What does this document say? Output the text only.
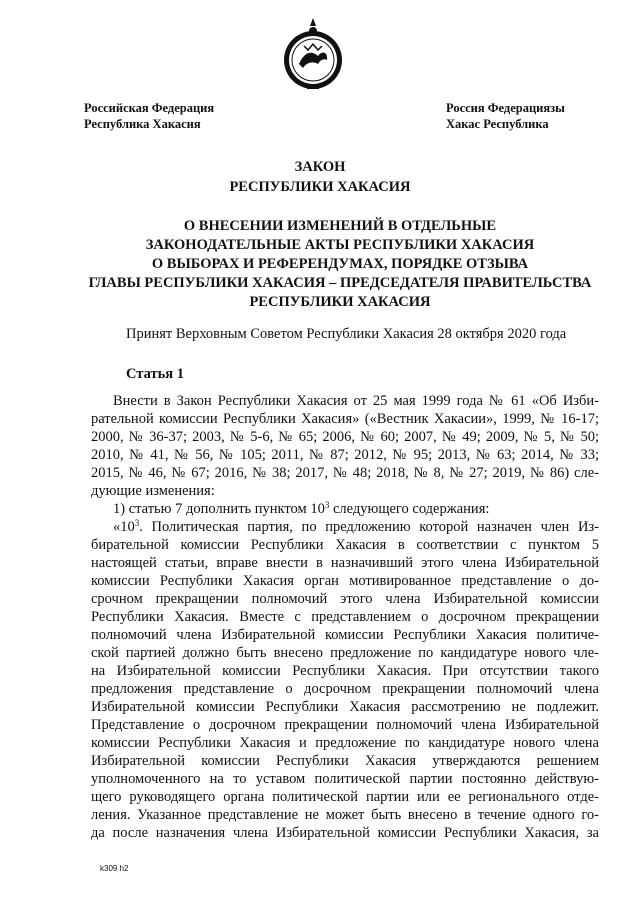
Российская Федерация
Республика Хакасия
Россия Федерациязы
Хакас Республика
ЗАКОН
РЕСПУБЛИКИ ХАКАСИЯ
О ВНЕСЕНИИ ИЗМЕНЕНИЙ В ОТДЕЛЬНЫЕ
ЗАКОНОДАТЕЛЬНЫЕ АКТЫ РЕСПУБЛИКИ ХАКАСИЯ
О ВЫБОРАХ И РЕФЕРЕНДУМАХ, ПОРЯДКЕ ОТЗЫВА
ГЛАВЫ РЕСПУБЛИКИ ХАКАСИЯ – ПРЕДСЕДАТЕЛЯ ПРАВИТЕЛЬСТВА
РЕСПУБЛИКИ ХАКАСИЯ
Принят Верховным Советом Республики Хакасия 28 октября 2020 года
Статья 1
Внести в Закон Республики Хакасия от 25 мая 1999 года № 61 «Об Изби-
рательной комиссии Республики Хакасия» («Вестник Хакасии», 1999, № 16-17;
2000, № 36-37; 2003, № 5-6, № 65; 2006, № 60; 2007, № 49; 2009, № 5, № 50;
2010, № 41, № 56, № 105; 2011, № 87; 2012, № 95; 2013, № 63; 2014, № 33;
2015, № 46, № 67; 2016, № 38; 2017, № 48; 2018, № 8, № 27; 2019, № 86) сле-
дующие изменения:
1) статью 7 дополнить пунктом $10^3$ следующего содержания:
«$10^3$. Политическая партия, по предложению которой назначен член Из-
бирательной комиссии Республики Хакасия в соответствии с пунктом 5
настоящей статьи, вправе внести в назначивший этого члена Избирательной
комиссии Республики Хакасия орган мотивированное представление о до-
срочном прекращении полномочий этого члена Избирательной комиссии
Республики Хакасия. Вместе с представлением о досрочном прекращении
полномочий члена Избирательной комиссии Республики Хакасия политиче-
ской партией должно быть внесено предложение по кандидатуре нового чле-
на Избирательной комиссии Республики Хакасия. При отсутствии такого
предложения представление о досрочном прекращении полномочий члена
Избирательной комиссии Республики Хакасия рассмотрению не подлежит.
Представление о досрочном прекращении полномочий члена Избирательной
комиссии Республики Хакасия и предложение по кандидатуре нового члена
Избирательной комиссии Республики Хакасия утверждаются решением
уполномоченного на то уставом политической партии постоянно действую-
щего руководящего органа политической партии или ее регионального отде-
ления. Указанное представление не может быть внесено в течение одного го-
да после назначения члена Избирательной комиссии Республики Хакасия, за
k309 h2
